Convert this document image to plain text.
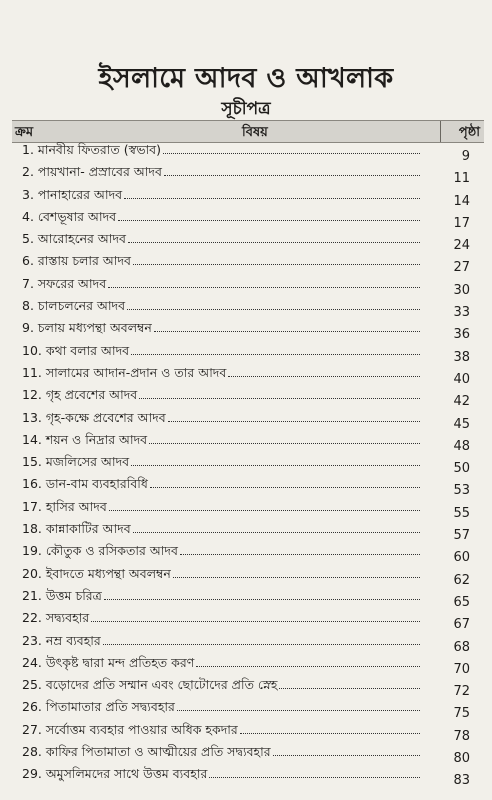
ইসলামে আদব ও আখলাক
সূচীপত্র
ক্রম	বিষয়	পৃষ্ঠা
1. মানবীয় ফিতরাত (স্বভাব)	9
2. পায়খানা- প্রস্রাবের আদব	11
3. পানাহারের আদব	14
4. বেশভূষার আদব	17
5. আরোহনের আদব	24
6. রাস্তায় চলার আদব	27
7. সফরের আদব	30
8. চালচলনের আদব	33
9. চলায় মধ্যপন্থা অবলম্বন	36
10. কথা বলার আদব	38
11. সালামের আদান-প্রদান ও তার আদব	40
12. গৃহ প্রবেশের আদব	42
13. গৃহ-কক্ষে প্রবেশের আদব	45
14. শয়ন ও নিদ্রার আদব	48
15. মজলিসের আদব	50
16. ডান-বাম ব্যবহারবিধি	53
17. হাসির আদব	55
18. কান্নাকাটির আদব	57
19. কৌতুক ও রসিকতার আদব	60
20. ইবাদতে মধ্যপন্থা অবলম্বন	62
21. উত্তম চরিত্র	65
22. সদ্ব্যবহার	67
23. নম্র ব্যবহার	68
24. উৎকৃষ্ট দ্বারা মন্দ প্রতিহত করণ	70
25. বড়োদের প্রতি সম্মান এবং ছোটোদের প্রতি স্নেহ	72
26. পিতামাতার প্রতি সদ্ব্যবহার	75
27. সর্বোত্তম ব্যবহার পাওয়ার অধিক হকদার	78
28. কাফির পিতামাতা ও আত্মীয়ের প্রতি সদ্ব্যবহার	80
29. অমুসলিমদের সাথে উত্তম ব্যবহার	83
